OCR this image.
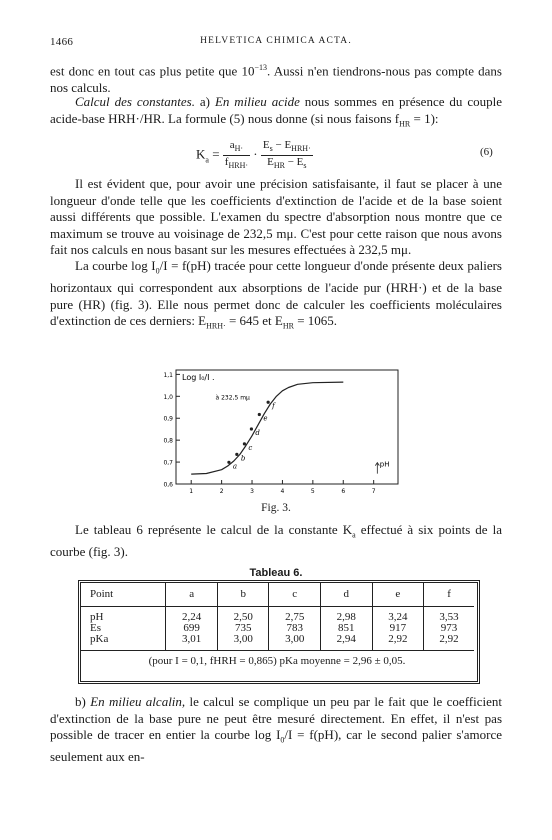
1466	HELVETICA CHIMICA ACTA.

est donc en tout cas plus petite que $10^{-13}$. Aussi n'en tiendrons-nous pas compte dans nos calculs.

Calcul des constantes. a) En milieu acide nous sommes en présence du couple acide-base HRH·/HR. La formule (5) nous donne (si nous faisons $f_{HR} = 1$):

$K_a = \frac{a_{H\cdot}}{f_{HRH\cdot}} \cdot \frac{E_s - E_{HRH\cdot}}{E_{HR} - E_s}$	(6)

Il est évident que, pour avoir une précision satisfaisante, il faut se placer à une longueur d'onde telle que les coefficients d'extinction de l'acide et de la base soient aussi différents que possible. L'examen du spectre d'absorption nous montre que ce maximum se trouve au voisinage de 232,5 mμ. C'est pour cette raison que nous avons fait nos calculs en nous basant sur les mesures effectuées à 232,5 mμ.

La courbe $\log I_0/I = f(pH)$ tracée pour cette longueur d'onde présente deux paliers horizontaux qui correspondent aux absorptions de l'acide pur (HRH·) et de la base pure (HR) (fig. 3). Elle nous permet donc de calculer les coefficients moléculaires d'extinction de ces derniers: $E_{HRH\cdot} = 645$ et $E_{HR} = 1065$.

0,6
0,7
0,8
0,9
1,0
1,1
1	2	3	4	5	6	7
a
b
c
d
e
f
Log I₀/I .
à 232,5 mμ
pH
Fig. 3.

Le tableau 6 représente le calcul de la constante $K_a$ effectué à six points de la courbe (fig. 3).

Tableau 6.
Point	a	b	c	d	e	f
pH	2,24	2,50	2,75	2,98	3,24	3,53
Es	699	735	783	851	917	973
pKa	3,01	3,00	3,00	2,94	2,92	2,92
(pour I = 0,1, fHRH = 0,865) pKa moyenne = 2,96 ± 0,05.						

b) En milieu alcalin, le calcul se complique un peu par le fait que le coefficient d'extinction de la base pure ne peut être mesuré directement. En effet, il n'est pas possible de tracer en entier la courbe $\log I_0/I = f(pH)$, car le second palier s'amorce seulement aux en-
